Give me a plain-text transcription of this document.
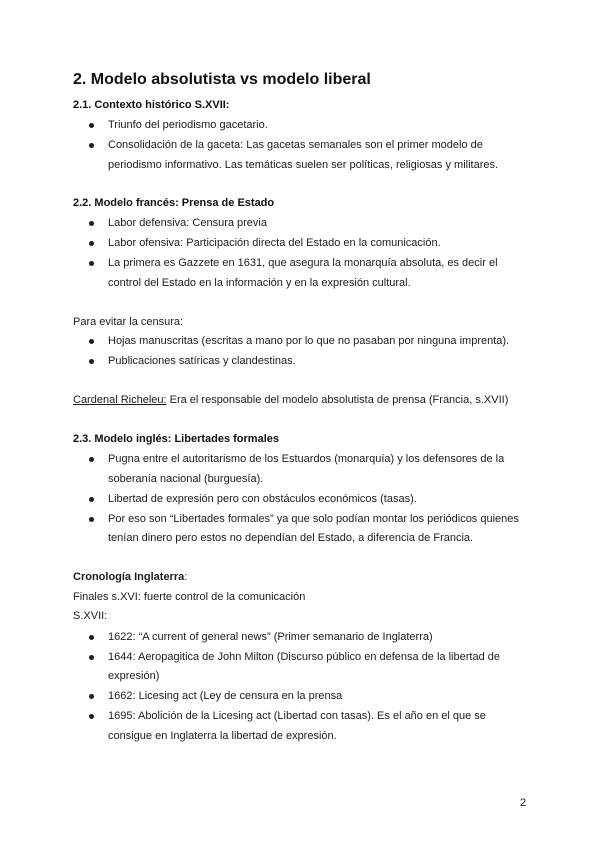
2. Modelo absolutista vs modelo liberal
2.1. Contexto histórico S.XVII:
Triunfo del periodismo gacetario.
Consolidación de la gaceta: Las gacetas semanales son el primer modelo de
periodismo informativo. Las temáticas suelen ser políticas, religiosas y militares.
2.2. Modelo francés: Prensa de Estado
Labor defensiva: Censura previa
Labor ofensiva: Participación directa del Estado en la comunicación.
La primera es Gazzete en 1631, que asegura la monarquía absoluta, es decir el
control del Estado en la información y en la expresión cultural.
Para evitar la censura:
Hojas manuscritas (escritas a mano por lo que no pasaban por ninguna imprenta).
Publicaciones satíricas y clandestinas.
Cardenal Richeleu: Era el responsable del modelo absolutista de prensa (Francia, s.XVII)
2.3. Modelo inglés: Libertades formales
Pugna entre el autoritarismo de los Estuardos (monarquía) y los defensores de la
soberanía nacional (burguesía).
Libertad de expresión pero con obstáculos económicos (tasas).
Por eso son “Libertades formales” ya que solo podían montar los periódicos quienes
tenían dinero pero estos no dependían del Estado, a diferencia de Francia.
Cronología Inglaterra:
Finales s.XVI: fuerte control de la comunicación
S.XVII:
1622: “A current of general news” (Primer semanario de Inglaterra)
1644: Aeropagitica de John Milton (Discurso público en defensa de la libertad de
expresión)
1662: Licesing act (Ley de censura en la prensa
1695: Abolición de la Licesing act (Libertad con tasas). Es el año en el que se
consigue en Inglaterra la libertad de expresión.
2
